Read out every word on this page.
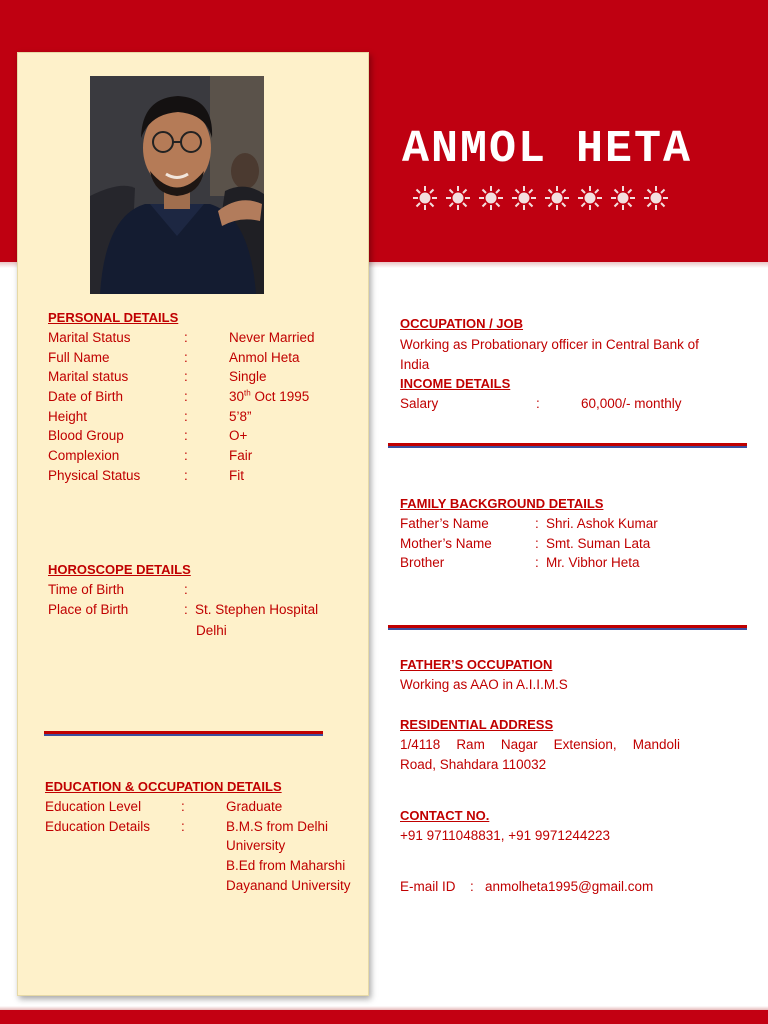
ANMOL HETA
PERSONAL DETAILS
Marital Status	:	Never Married
Full Name	:	Anmol Heta
Marital status	:	Single
Date of Birth	:	30th Oct 1995
Height	:	5’8”
Blood Group	:	O+
Complexion	:	Fair
Physical Status	:	Fit
HOROSCOPE DETAILS
Time of Birth	:
Place of Birth	: St. Stephen Hospital
Delhi
EDUCATION & OCCUPATION DETAILS
Education Level	:	Graduate
Education Details :	B.M.S from Delhi
University
B.Ed from Maharshi
Dayanand University
OCCUPATION / JOB
Working as Probationary officer in Central Bank of
India
INCOME DETAILS
Salary	:	60,000/- monthly
FAMILY BACKGROUND DETAILS
Father’s Name	: Shri. Ashok Kumar
Mother’s Name	: Smt. Suman Lata
Brother	: Mr. Vibhor Heta
FATHER’S OCCUPATION
Working as AAO in A.I.I.M.S
RESIDENTIAL ADDRESS
1/4118 Ram Nagar Extension, Mandoli
Road, Shahdara 110032
CONTACT NO.
+91 9711048831, +91 9971244223
E-mail ID : anmolheta1995@gmail.com
